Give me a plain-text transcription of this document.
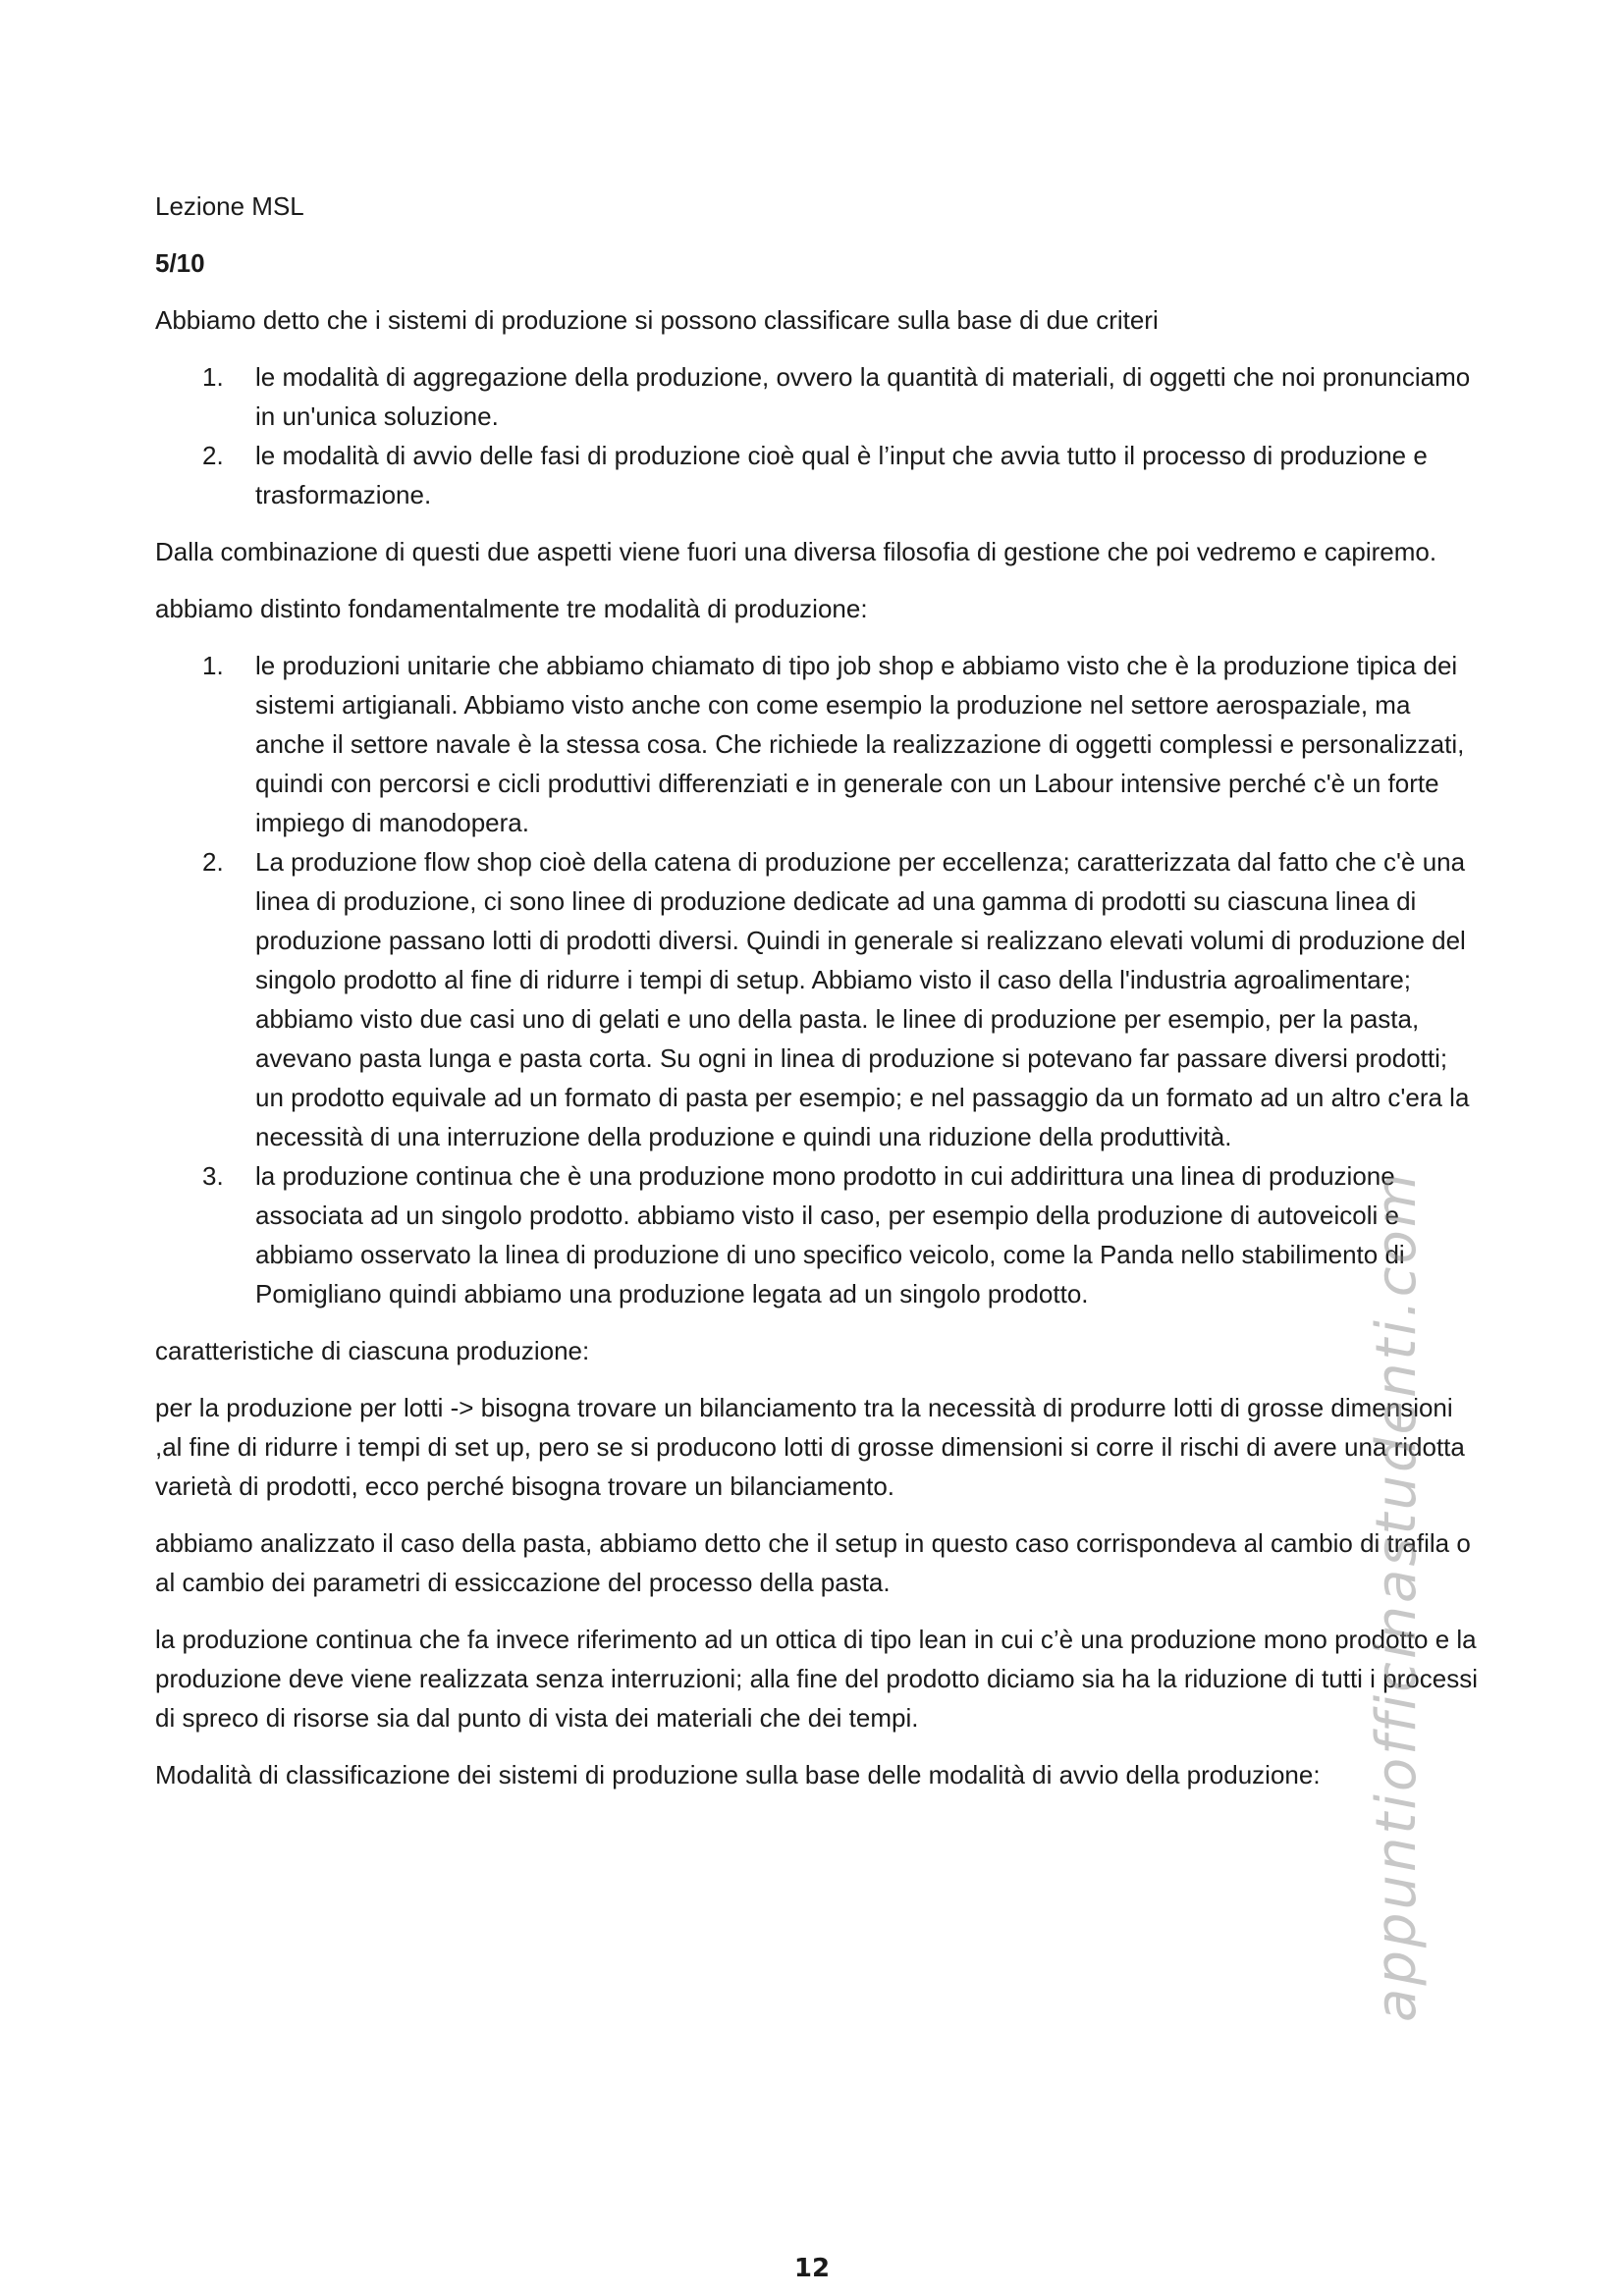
Lezione MSL
5/10

Abbiamo detto che i sistemi di produzione si possono classificare sulla base di due criteri

1. le modalità di aggregazione della produzione, ovvero la quantità di materiali, di oggetti che noi pronunciamo in un'unica soluzione.
2. le modalità di avvio delle fasi di produzione cioè qual è l’input che avvia tutto il processo di produzione e trasformazione.

Dalla combinazione di questi due aspetti viene fuori una diversa filosofia di gestione che poi vedremo e capiremo.

abbiamo distinto fondamentalmente tre modalità di produzione:

1. le produzioni unitarie che abbiamo chiamato di tipo job shop e abbiamo visto che è la produzione tipica dei sistemi artigianali. Abbiamo visto anche con come esempio la produzione nel settore aerospaziale, ma anche il settore navale è la stessa cosa. Che richiede la realizzazione di oggetti complessi e personalizzati, quindi con percorsi e cicli produttivi differenziati e in generale con un Labour intensive perché c'è un forte impiego di manodopera.
2. La produzione flow shop cioè della catena di produzione per eccellenza; caratterizzata dal fatto che c'è una linea di produzione, ci sono linee di produzione dedicate ad una gamma di prodotti su ciascuna linea di produzione passano lotti di prodotti diversi. Quindi in generale si realizzano elevati volumi di produzione del singolo prodotto al fine di ridurre i tempi di setup. Abbiamo visto il caso della l'industria agroalimentare; abbiamo visto due casi uno di gelati e uno della pasta. le linee di produzione per esempio, per la pasta, avevano pasta lunga e pasta corta. Su ogni in linea di produzione si potevano far passare diversi prodotti; un prodotto equivale ad un formato di pasta per esempio; e nel passaggio da un formato ad un altro c'era la necessità di una interruzione della produzione e quindi una riduzione della produttività.
3. la produzione continua che è una produzione mono prodotto in cui addirittura una linea di produzione associata ad un singolo prodotto. abbiamo visto il caso, per esempio della produzione di autoveicoli e abbiamo osservato la linea di produzione di uno specifico veicolo, come la Panda nello stabilimento di Pomigliano quindi abbiamo una produzione legata ad un singolo prodotto.

caratteristiche di ciascuna produzione:

per la produzione per lotti -> bisogna trovare un bilanciamento tra la necessità di produrre lotti di grosse dimensioni ,al fine di ridurre i tempi di set up, pero se si producono lotti di grosse dimensioni si corre il rischi di avere una ridotta varietà di prodotti, ecco perché bisogna trovare un bilanciamento.

abbiamo analizzato il caso della pasta, abbiamo detto che il setup in questo caso corrispondeva al cambio di trafila o al cambio dei parametri di essiccazione del processo della pasta.

la produzione continua che fa invece riferimento ad un ottica di tipo lean in cui c’è una produzione mono prodotto e la produzione deve viene realizzata senza interruzioni; alla fine del prodotto diciamo sia ha la riduzione di tutti i processi di spreco di risorse sia dal punto di vista dei materiali che dei tempi.

Modalità di classificazione dei sistemi di produzione sulla base delle modalità di avvio della produzione: appuntiofficinastudenti.com
12
